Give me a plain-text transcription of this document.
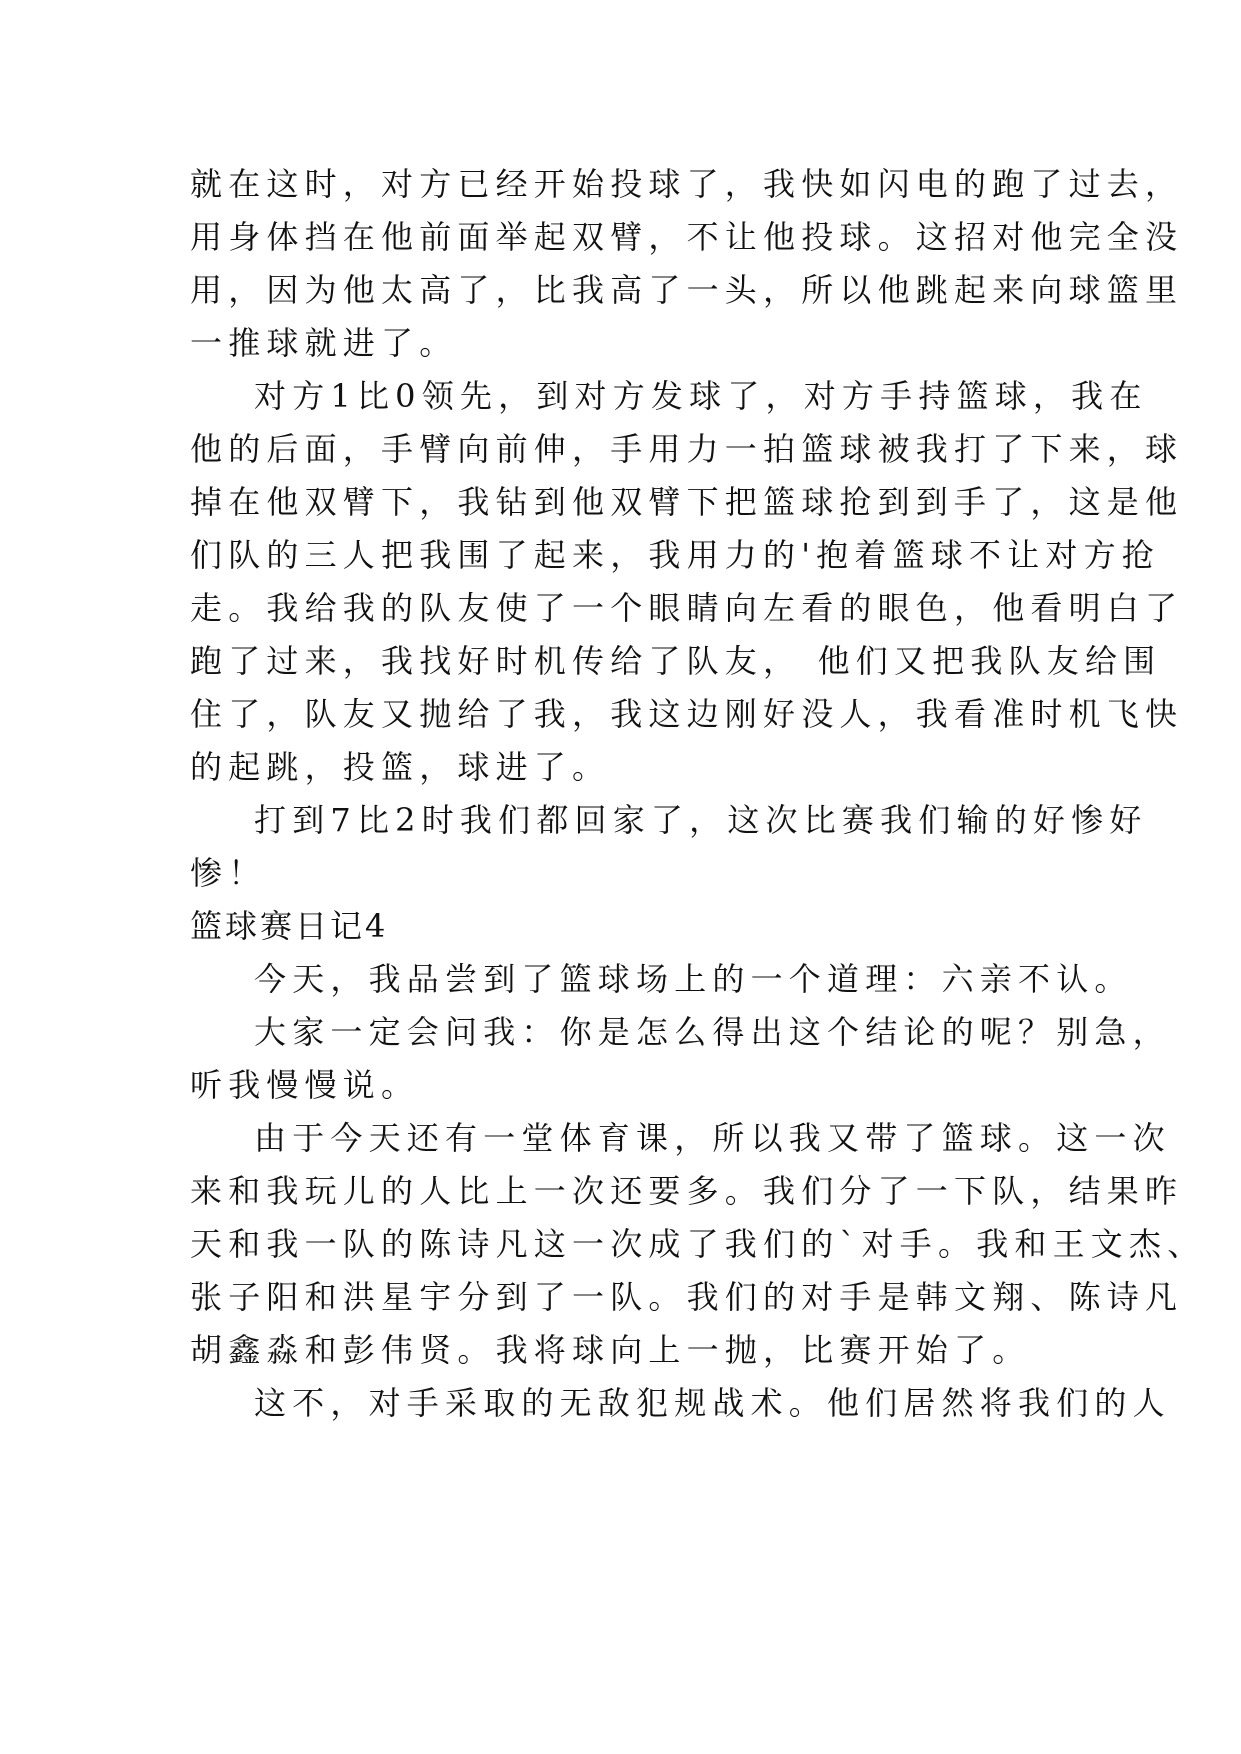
就在这时，对方已经开始投球了，我快如闪电的跑了过去，
用身体挡在他前面举起双臂，不让他投球。这招对他完全没
用，因为他太高了，比我高了一头，所以他跳起来向球篮里
一推球就进了。
对方1比0领先，到对方发球了，对方手持篮球，我在
他的后面，手臂向前伸，手用力一拍篮球被我打了下来，球
掉在他双臂下，我钻到他双臂下把篮球抢到到手了，这是他
们队的三人把我围了起来，我用力的'抱着篮球不让对方抢
走。我给我的队友使了一个眼睛向左看的眼色，他看明白了
跑了过来，我找好时机传给了队友， 他们又把我队友给围
住了，队友又抛给了我，我这边刚好没人，我看准时机飞快
的起跳，投篮，球进了。
打到7比2时我们都回家了，这次比赛我们输的好惨好
惨！
篮球赛日记4
今天，我品尝到了篮球场上的一个道理：六亲不认。
大家一定会问我：你是怎么得出这个结论的呢？别急，
听我慢慢说。
由于今天还有一堂体育课，所以我又带了篮球。这一次
来和我玩儿的人比上一次还要多。我们分了一下队，结果昨
天和我一队的陈诗凡这一次成了我们的`对手。我和王文杰、
张子阳和洪星宇分到了一队。我们的对手是韩文翔、陈诗凡
胡鑫淼和彭伟贤。我将球向上一抛，比赛开始了。
这不，对手采取的无敌犯规战术。他们居然将我们的人
